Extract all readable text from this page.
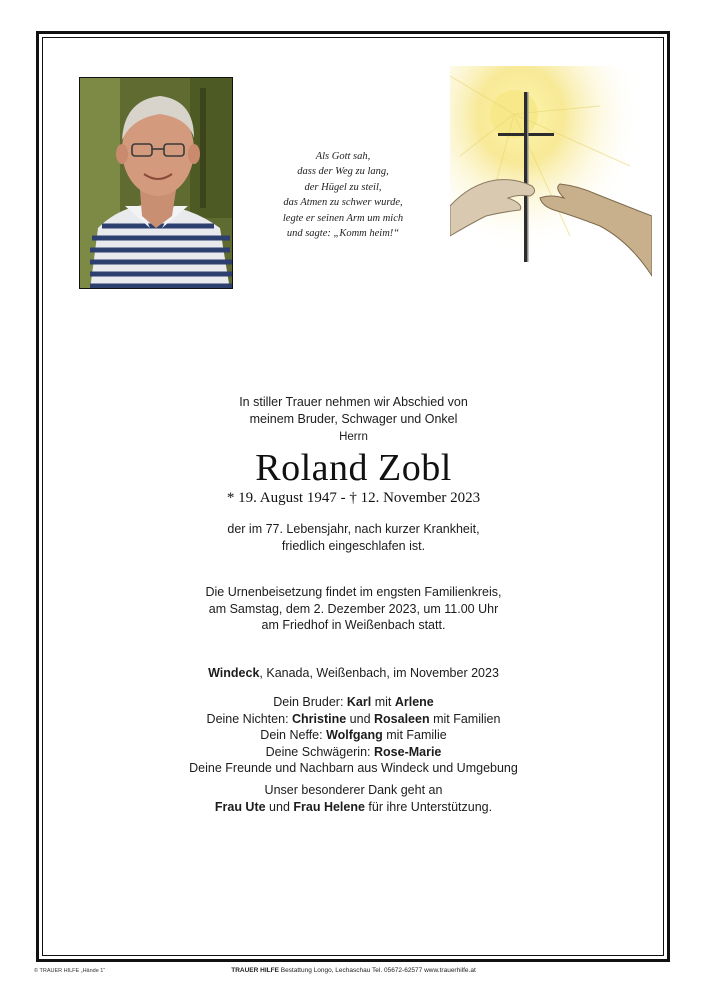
Als Gott sah,
dass der Weg zu lang,
der Hügel zu steil,
das Atmen zu schwer wurde,
legte er seinen Arm um mich
und sagte: „Komm heim!“
In stiller Trauer nehmen wir Abschied von
meinem Bruder, Schwager und Onkel
Herrn
Roland Zobl
* 19. August 1947 - † 12. November 2023
der im 77. Lebensjahr, nach kurzer Krankheit,
friedlich eingeschlafen ist.
Die Urnenbeisetzung findet im engsten Familienkreis,
am Samstag, dem 2. Dezember 2023, um 11.00 Uhr
am Friedhof in Weißenbach statt.
Windeck, Kanada, Weißenbach, im November 2023
Dein Bruder: Karl mit Arlene
Deine Nichten: Christine und Rosaleen mit Familien
Dein Neffe: Wolfgang mit Familie
Deine Schwägerin: Rose-Marie
Deine Freunde und Nachbarn aus Windeck und Umgebung
Unser besonderer Dank geht an
Frau Ute und Frau Helene für ihre Unterstützung.
© TRAUER HILFE „Hände 1“	TRAUER HILFE Bestattung Longo, Lechaschau Tel. 05672-62577 www.trauerhilfe.at
